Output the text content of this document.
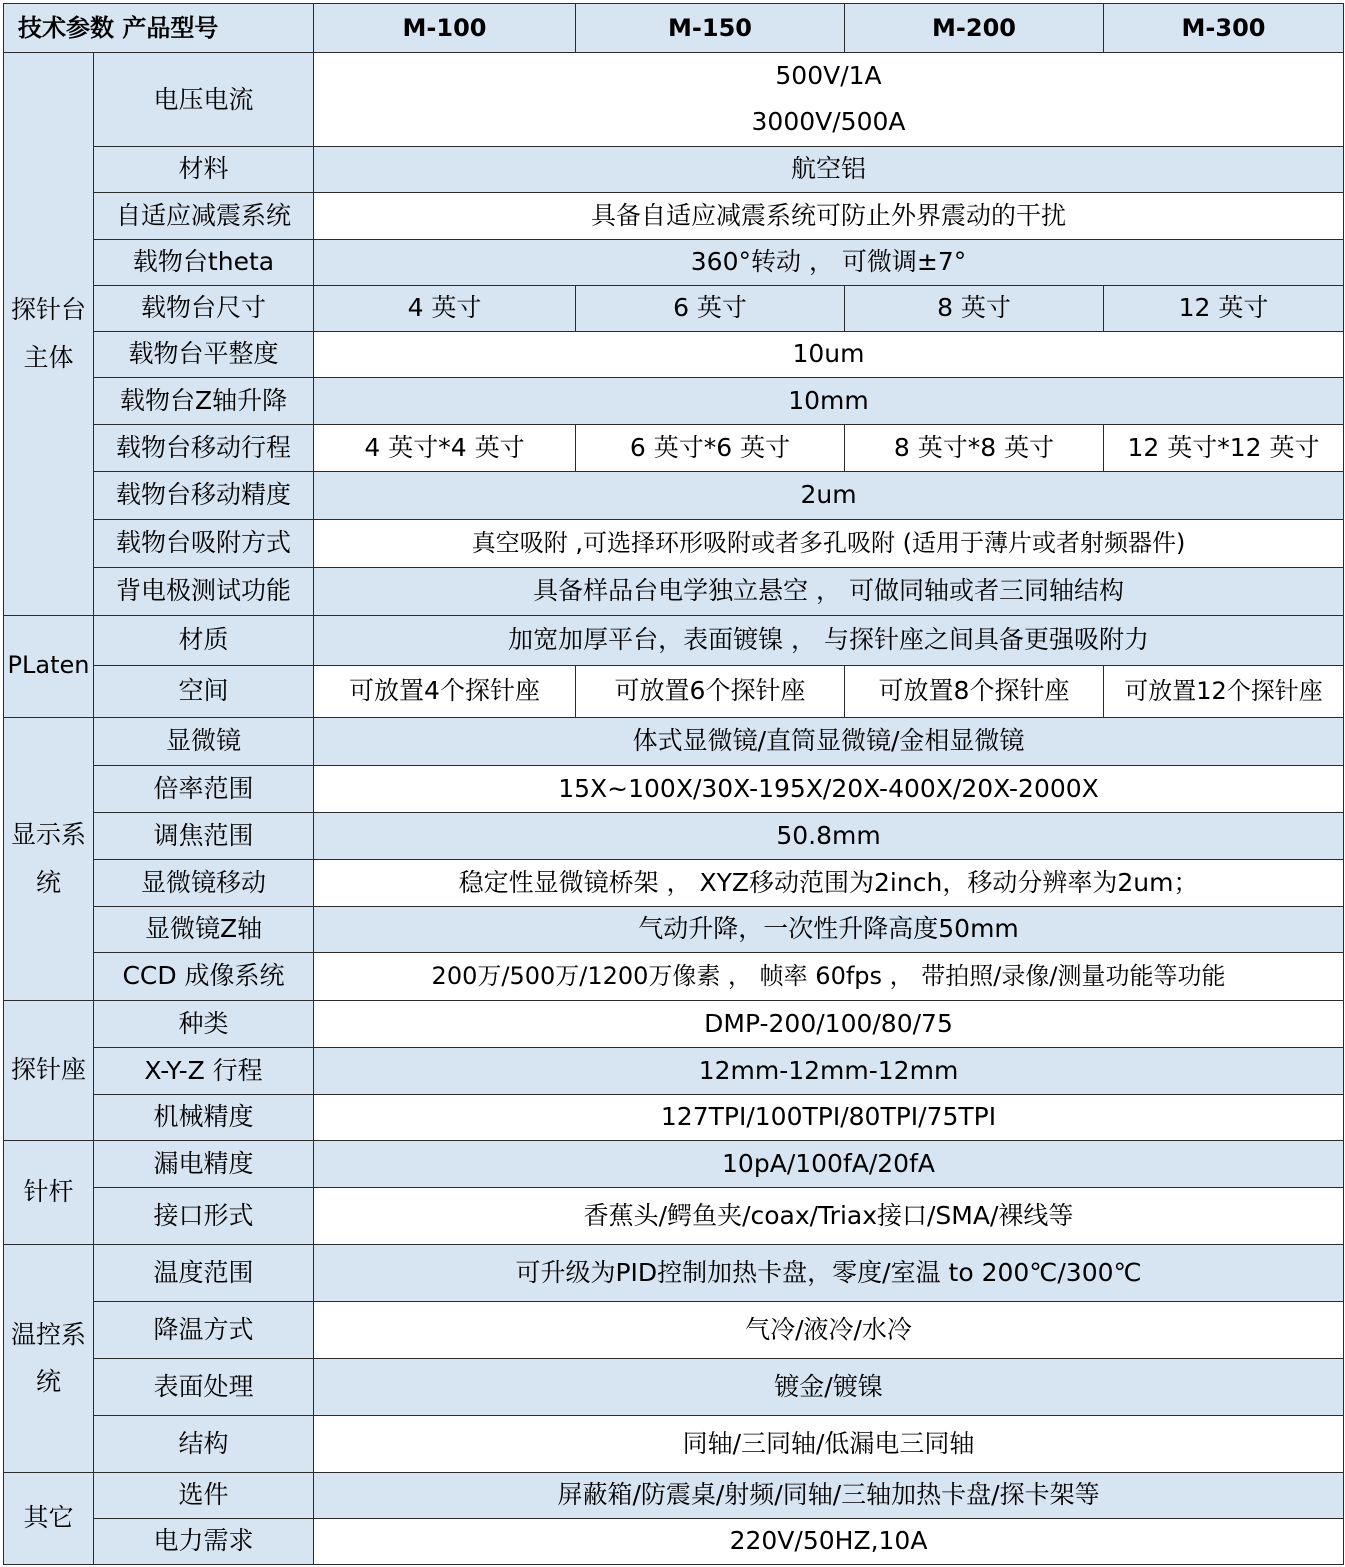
技术参数 产品型号		M-100	M-150	M-200	M-300

探针台
主体	电压电流	500V/1A
3000V/500A			

	材料	航空铝			
	自适应减震系统	具备自适应减震系统可防止外界震动的干扰			
	载物台theta	360°转动 ， 可微调±7°			
	载物台尺寸	4 英寸	6 英寸	8 英寸	12 英寸
	载物台平整度	10um			
	载物台Z轴升降	10mm			
	载物台移动行程	4 英寸*4 英寸	6 英寸*6 英寸	8 英寸*8 英寸	12 英寸*12 英寸
	载物台移动精度	2um			
	载物台吸附方式	真空吸附 ,可选择环形吸附或者多孔吸附 (适用于薄片或者射频器件)			
	背电极测试功能	具备样品台电学独立悬空 ， 可做同轴或者三同轴结构			
PLaten	材质	加宽加厚平台，表面镀镍 ， 与探针座之间具备更强吸附力			
	空间	可放置4个探针座	可放置6个探针座	可放置8个探针座	可放置12个探针座

显示系
统	显微镜	体式显微镜/直筒显微镜/金相显微镜			
	倍率范围	15X~100X/30X-195X/20X-400X/20X-2000X			
	调焦范围	50.8mm			
	显微镜移动	稳定性显微镜桥架 ， XYZ移动范围为2inch，移动分辨率为2um；			
	显微镜Z轴	气动升降，一次性升降高度50mm			
	CCD 成像系统	200万/500万/1200万像素 ， 帧率 60fps ， 带拍照/录像/测量功能等功能			
探针座	种类	DMP-200/100/80/75			
	X-Y-Z 行程	12mm-12mm-12mm			
	机械精度	127TPI/100TPI/80TPI/75TPI			
针杆	漏电精度	10pA/100fA/20fA			
	接口形式	香蕉头/鳄鱼夹/coax/Triax接口/SMA/裸线等			

温控系
统	温度范围	可升级为PID控制加热卡盘，零度/室温 to 200℃/300℃			
	降温方式	气冷/液冷/水冷			
	表面处理	镀金/镀镍			
	结构	同轴/三同轴/低漏电三同轴			
其它	选件	屏蔽箱/防震桌/射频/同轴/三轴加热卡盘/探卡架等			
	电力需求	220V/50HZ,10A			
